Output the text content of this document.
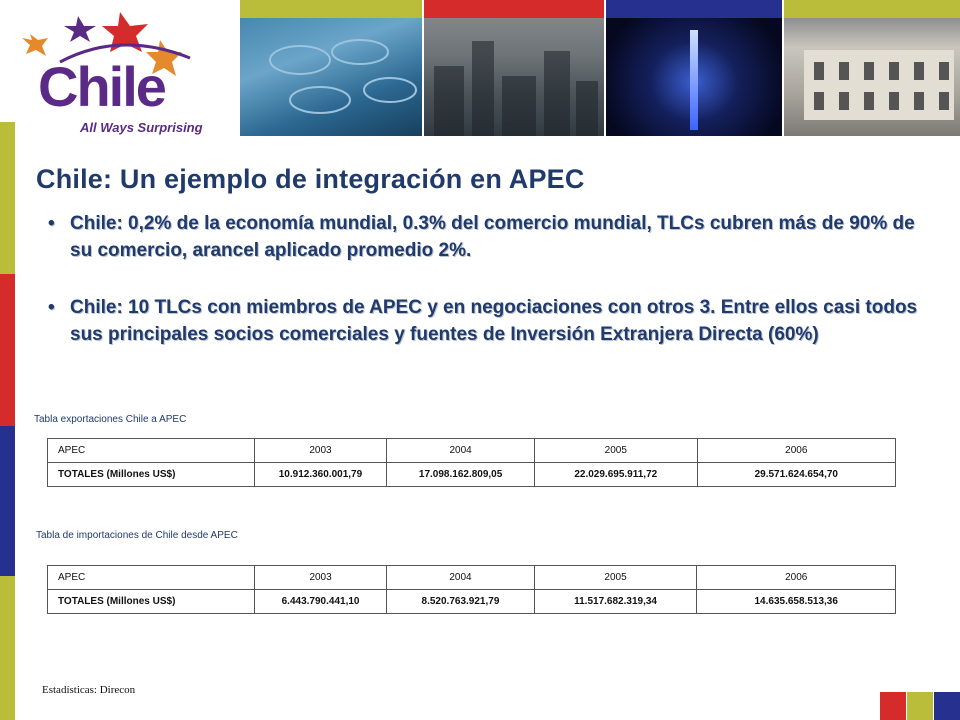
Chile
All Ways Surprising
Chile: Un ejemplo de integración en APEC
• Chile: 0,2% de la economía mundial, 0.3% del comercio mundial, TLCs cubren más de 90% de su comercio, arancel aplicado promedio 2%.
• Chile: 10 TLCs con miembros de APEC y en negociaciones con otros 3. Entre ellos casi todos sus principales socios comerciales y fuentes de Inversión Extranjera Directa (60%)
Tabla exportaciones Chile a APEC
APEC	2003	2004	2005	2006
TOTALES (Millones US$)	10.912.360.001,79	17.098.162.809,05	22.029.695.911,72	29.571.624.654,70
Tabla de importaciones de Chile desde APEC
APEC	2003	2004	2005	2006
TOTALES (Millones US$)	6.443.790.441,10	8.520.763.921,79	11.517.682.319,34	14.635.658.513,36
Estadísticas: Direcon
